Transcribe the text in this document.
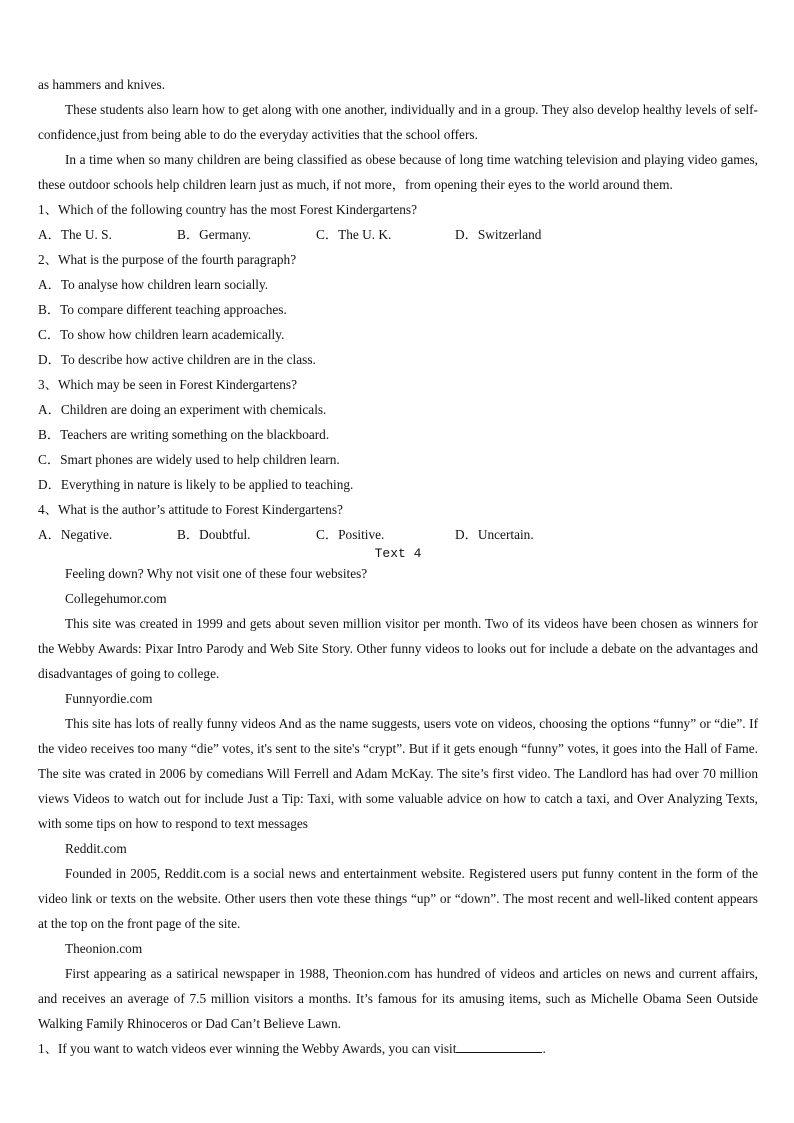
as hammers and knives.
These students also learn how to get along with one another, individually and in a group. They also develop healthy levels of self-confidence,just from being able to do the everyday activities that the school offers.
In a time when so many children are being classified as obese because of long time watching television and playing video games, these outdoor schools help children learn just as much, if not more，from opening their eyes to the world around them.
1、Which of the following country has the most Forest Kindergartens?
A．The U. S.	B．Germany.	C．The U. K.	D．Switzerland
2、What is the purpose of the fourth paragraph?
A．To analyse how children learn socially.
B．To compare different teaching approaches.
C．To show how children learn academically.
D．To describe how active children are in the class.
3、Which may be seen in Forest Kindergartens?
A．Children are doing an experiment with chemicals.
B．Teachers are writing something on the blackboard.
C．Smart phones are widely used to help children learn.
D．Everything in nature is likely to be applied to teaching.
4、What is the author’s attitude to Forest Kindergartens?
A．Negative.	B．Doubtful.	C．Positive.	D．Uncertain.
Text 4
Feeling down? Why not visit one of these four websites?
Collegehumor.com
This site was created in 1999 and gets about seven million visitor per month. Two of its videos have been chosen as winners for the Webby Awards: Pixar Intro Parody and Web Site Story. Other funny videos to looks out for include a debate on the advantages and disadvantages of going to college.
Funnyordie.com
This site has lots of really funny videos And as the name suggests, users vote on videos, choosing the options “funny” or “die”. If the video receives too many “die” votes, it's sent to the site's “crypt”. But if it gets enough “funny” votes, it goes into the Hall of Fame. The site was crated in 2006 by comedians Will Ferrell and Adam McKay. The site’s first video. The Landlord has had over 70 million views Videos to watch out for include Just a Tip: Taxi, with some valuable advice on how to catch a taxi, and Over Analyzing Texts, with some tips on how to respond to text messages
Reddit.com
Founded in 2005, Reddit.com is a social news and entertainment website. Registered users put funny content in the form of the video link or texts on the website. Other users then vote these things “up” or “down”. The most recent and well-liked content appears at the top on the front page of the site.
Theonion.com
First appearing as a satirical newspaper in 1988, Theonion.com has hundred of videos and articles on news and current affairs, and receives an average of 7.5 million visitors a months. It’s famous for its amusing items, such as Michelle Obama Seen Outside Walking Family Rhinoceros or Dad Can’t Believe Lawn.
1、If you want to watch videos ever winning the Webby Awards, you can visit	.
